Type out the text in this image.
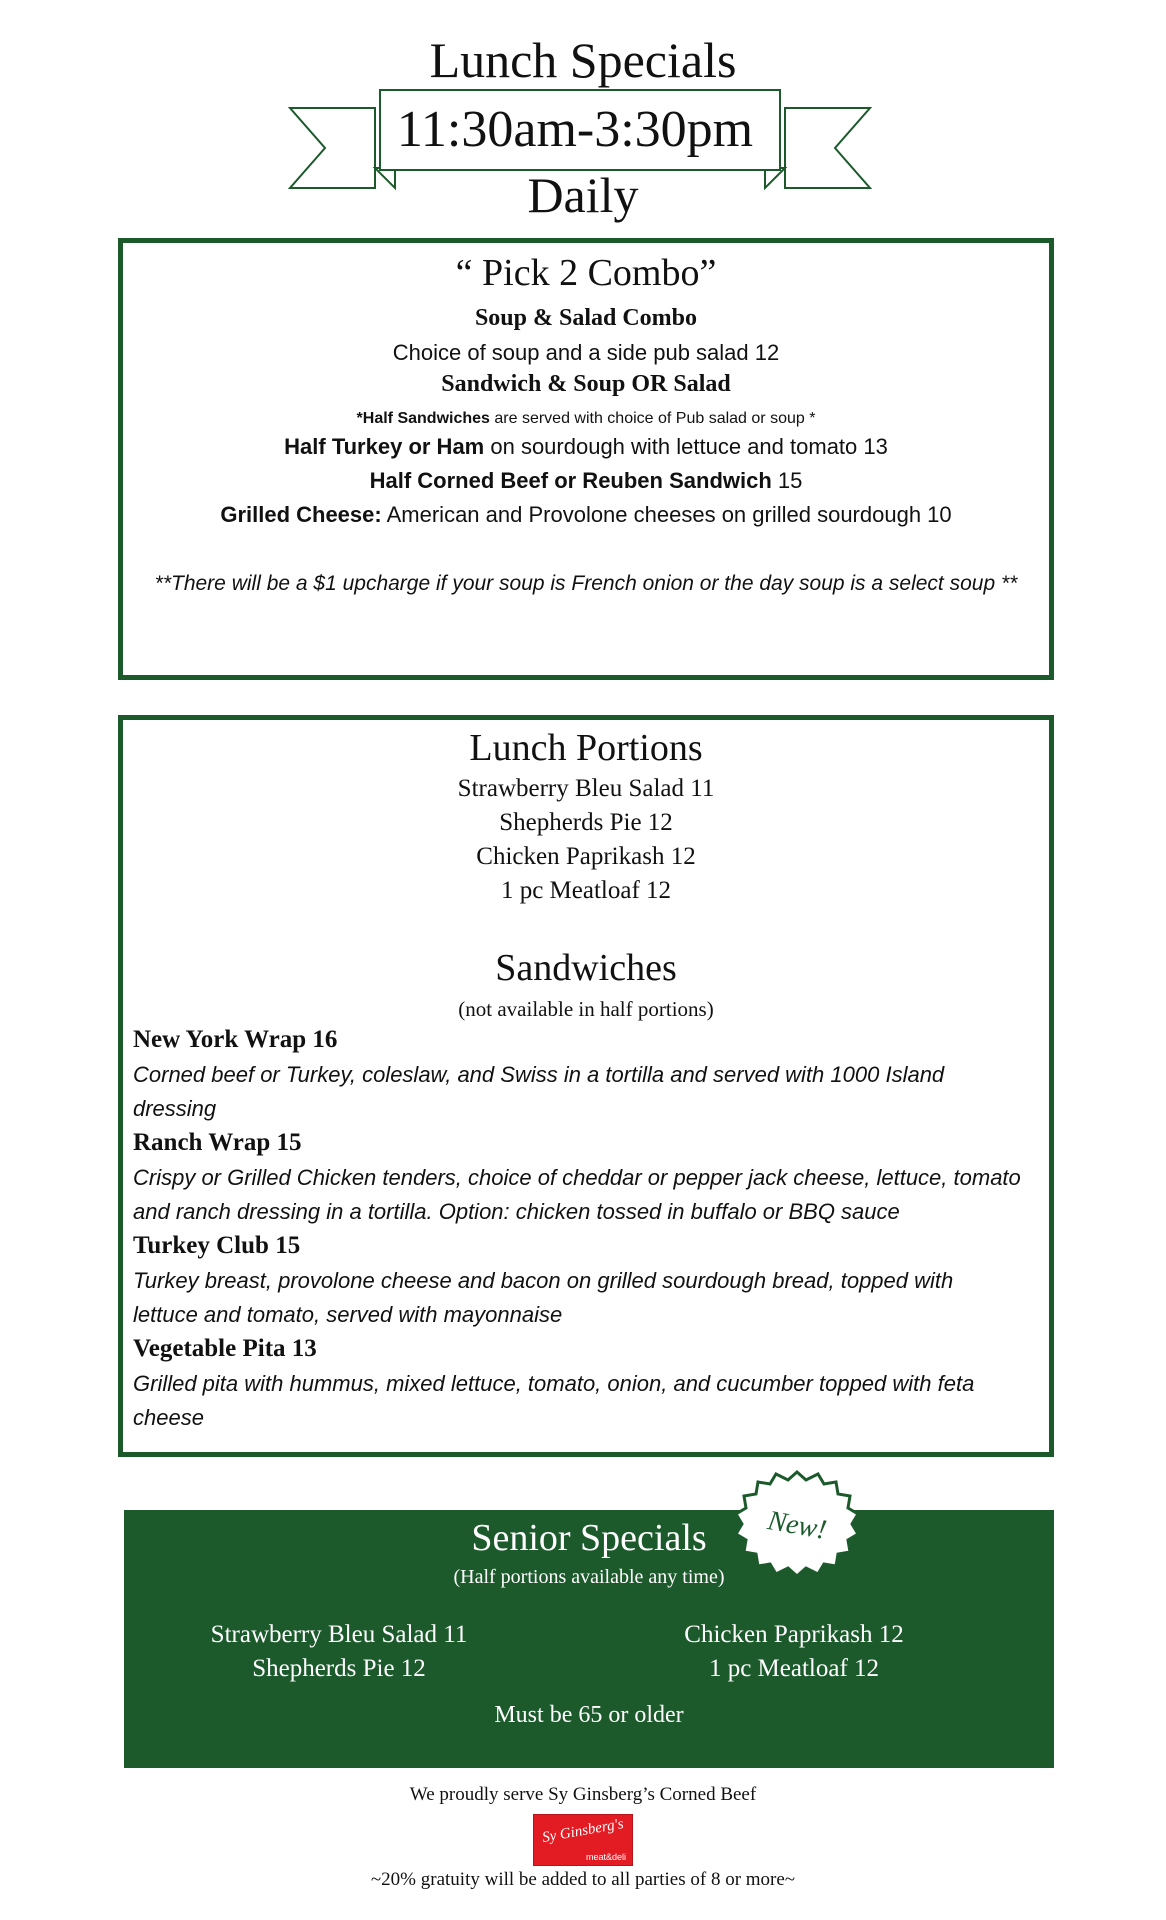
Lunch Specials
11:30am-3:30pm
Daily
“ Pick 2 Combo”
Soup & Salad Combo
Choice of soup and a side pub salad 12
Sandwich & Soup OR Salad
*Half Sandwiches are served with choice of Pub salad or soup *
Half Turkey or Ham on sourdough with lettuce and tomato 13
Half Corned Beef or Reuben Sandwich 15
Grilled Cheese: American and Provolone cheeses on grilled sourdough 10
**There will be a $1 upcharge if your soup is French onion or the day soup is a select soup **
Lunch Portions
Strawberry Bleu Salad 11
Shepherds Pie 12
Chicken Paprikash 12
1 pc Meatloaf 12
Sandwiches
(not available in half portions)
New York Wrap 16
Corned beef or Turkey, coleslaw, and Swiss in a tortilla and served with 1000 Island
dressing
Ranch Wrap 15
Crispy or Grilled Chicken tenders, choice of cheddar or pepper jack cheese, lettuce, tomato
and ranch dressing in a tortilla. Option: chicken tossed in buffalo or BBQ sauce
Turkey Club 15
Turkey breast, provolone cheese and bacon on grilled sourdough bread, topped with
lettuce and tomato, served with mayonnaise
Vegetable Pita 13
Grilled pita with hummus, mixed lettuce, tomato, onion, and cucumber topped with feta
cheese
Senior Specials
(Half portions available any time)
Strawberry Bleu Salad 11
Shepherds Pie 12
Chicken Paprikash 12
1 pc Meatloaf 12
Must be 65 or older
New!
We proudly serve Sy Ginsberg’s Corned Beef
Sy Ginsberg's
meat&deli
~20% gratuity will be added to all parties of 8 or more~
